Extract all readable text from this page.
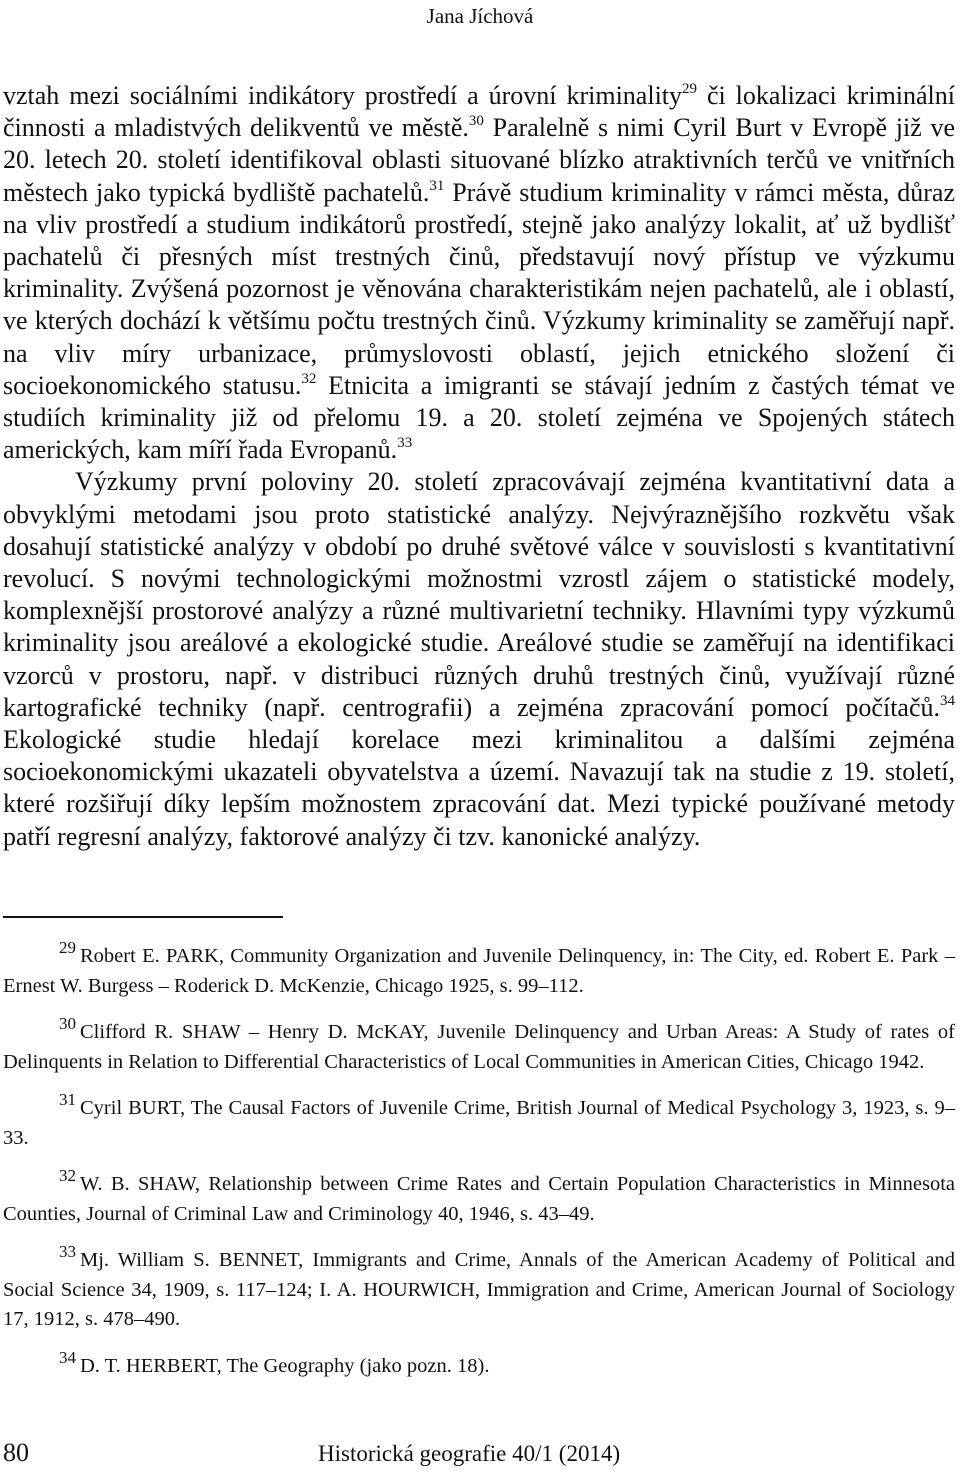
Jana Jíchová

vztah mezi sociálními indikátory prostředí a úrovní kriminality$^{29}$ či lokalizaci kriminální činnosti a mladistvých delikventů ve městě.$^{30}$ Paralelně s nimi Cyril Burt v Evropě již ve 20. letech 20. století identifikoval oblasti situované blízko atraktivních terčů ve vnitřních městech jako typická bydliště pachatelů.$^{31}$ Právě studium kriminality v rámci města, důraz na vliv prostředí a studium indikátorů prostředí, stejně jako analýzy lokalit, ať už bydlišť pachatelů či přesných míst trestných činů, představují nový přístup ve výzkumu kriminality. Zvýšená pozornost je věnována charakteristikám nejen pachatelů, ale i oblastí, ve kterých dochází k většímu počtu trestných činů. Výzkumy kriminality se zaměřují např. na vliv míry urbanizace, průmyslovosti oblastí, jejich etnického složení či socioekonomického statusu.$^{32}$ Etnicita a imigranti se stávají jedním z častých témat ve studiích kriminality již od přelomu 19. a 20. století zejména ve Spojených státech amerických, kam míří řada Evropanů.$^{33}$

Výzkumy první poloviny 20. století zpracovávají zejména kvantitativní data a obvyklými metodami jsou proto statistické analýzy. Nejvýraznějšího rozkvětu však dosahují statistické analýzy v období po druhé světové válce v souvislosti s kvantitativní revolucí. S novými technologickými možnostmi vzrostl zájem o statistické modely, komplexnější prostorové analýzy a různé multivarietní techniky. Hlavními typy výzkumů kriminality jsou areálové a ekologické studie. Areálové studie se zaměřují na identifikaci vzorců v prostoru, např. v distribuci různých druhů trestných činů, využívají různé kartografické techniky (např. centrografii) a zejména zpracování pomocí počítačů.$^{34}$ Ekologické studie hledají korelace mezi kriminalitou a dalšími zejména socioekonomickými ukazateli obyvatelstva a území. Navazují tak na studie z 19. století, které rozšiřují díky lepším možnostem zpracování dat. Mezi typické používané metody patří regresní analýzy, faktorové analýzy či tzv. kanonické analýzy.

$^{29}$ Robert E. PARK, Community Organization and Juvenile Delinquency, in: The City, ed. Robert E. Park – Ernest W. Burgess – Roderick D. McKenzie, Chicago 1925, s. 99–112.

$^{30}$ Clifford R. SHAW – Henry D. McKAY, Juvenile Delinquency and Urban Areas: A Study of rates of Delinquents in Relation to Differential Characteristics of Local Communities in American Cities, Chicago 1942.

$^{31}$ Cyril BURT, The Causal Factors of Juvenile Crime, British Journal of Medical Psychology 3, 1923, s. 9–33.

$^{32}$ W. B. SHAW, Relationship between Crime Rates and Certain Population Characteristics in Minnesota Counties, Journal of Criminal Law and Criminology 40, 1946, s. 43–49.

$^{33}$ Mj. William S. BENNET, Immigrants and Crime, Annals of the American Academy of Political and Social Science 34, 1909, s. 117–124; I. A. HOURWICH, Immigration and Crime, American Journal of Sociology 17, 1912, s. 478–490.

$^{34}$ D. T. HERBERT, The Geography (jako pozn. 18).

80	Historická geografie 40/1 (2014)
